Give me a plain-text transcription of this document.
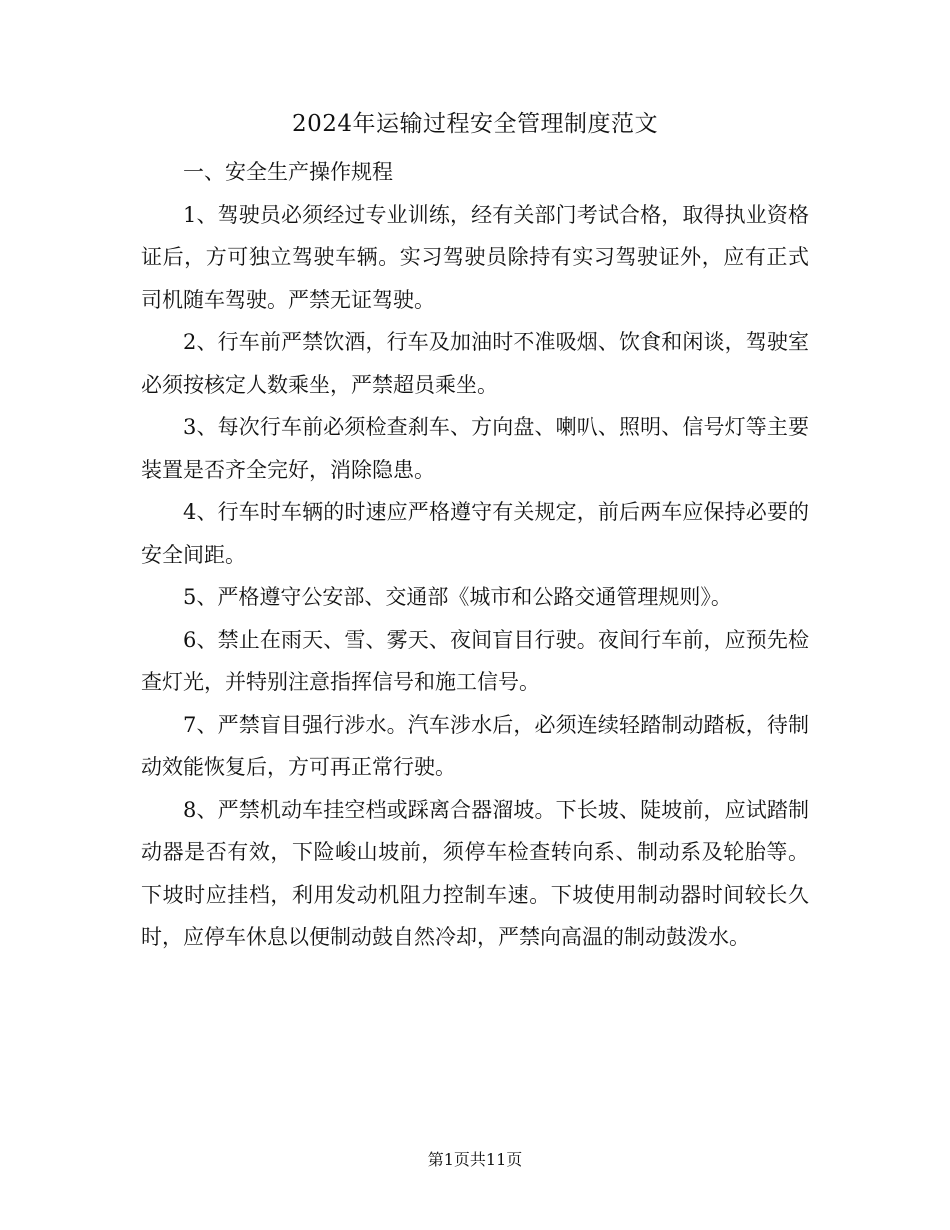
2024年运输过程安全管理制度范文

一、安全生产操作规程

1、驾驶员必须经过专业训练，经有关部门考试合格，取得执业资格证后，方可独立驾驶车辆。实习驾驶员除持有实习驾驶证外，应有正式司机随车驾驶。严禁无证驾驶。

2、行车前严禁饮酒，行车及加油时不准吸烟、饮食和闲谈，驾驶室必须按核定人数乘坐，严禁超员乘坐。

3、每次行车前必须检查刹车、方向盘、喇叭、照明、信号灯等主要装置是否齐全完好，消除隐患。

4、行车时车辆的时速应严格遵守有关规定，前后两车应保持必要的安全间距。

5、严格遵守公安部、交通部《城市和公路交通管理规则》。

6、禁止在雨天、雪、雾天、夜间盲目行驶。夜间行车前，应预先检查灯光，并特别注意指挥信号和施工信号。

7、严禁盲目强行涉水。汽车涉水后，必须连续轻踏制动踏板，待制动效能恢复后，方可再正常行驶。

8、严禁机动车挂空档或踩离合器溜坡。下长坡、陡坡前，应试踏制动器是否有效，下险峻山坡前，须停车检查转向系、制动系及轮胎等。下坡时应挂档，利用发动机阻力控制车速。下坡使用制动器时间较长久时，应停车休息以便制动鼓自然冷却，严禁向高温的制动鼓泼水。

第1页共11页
